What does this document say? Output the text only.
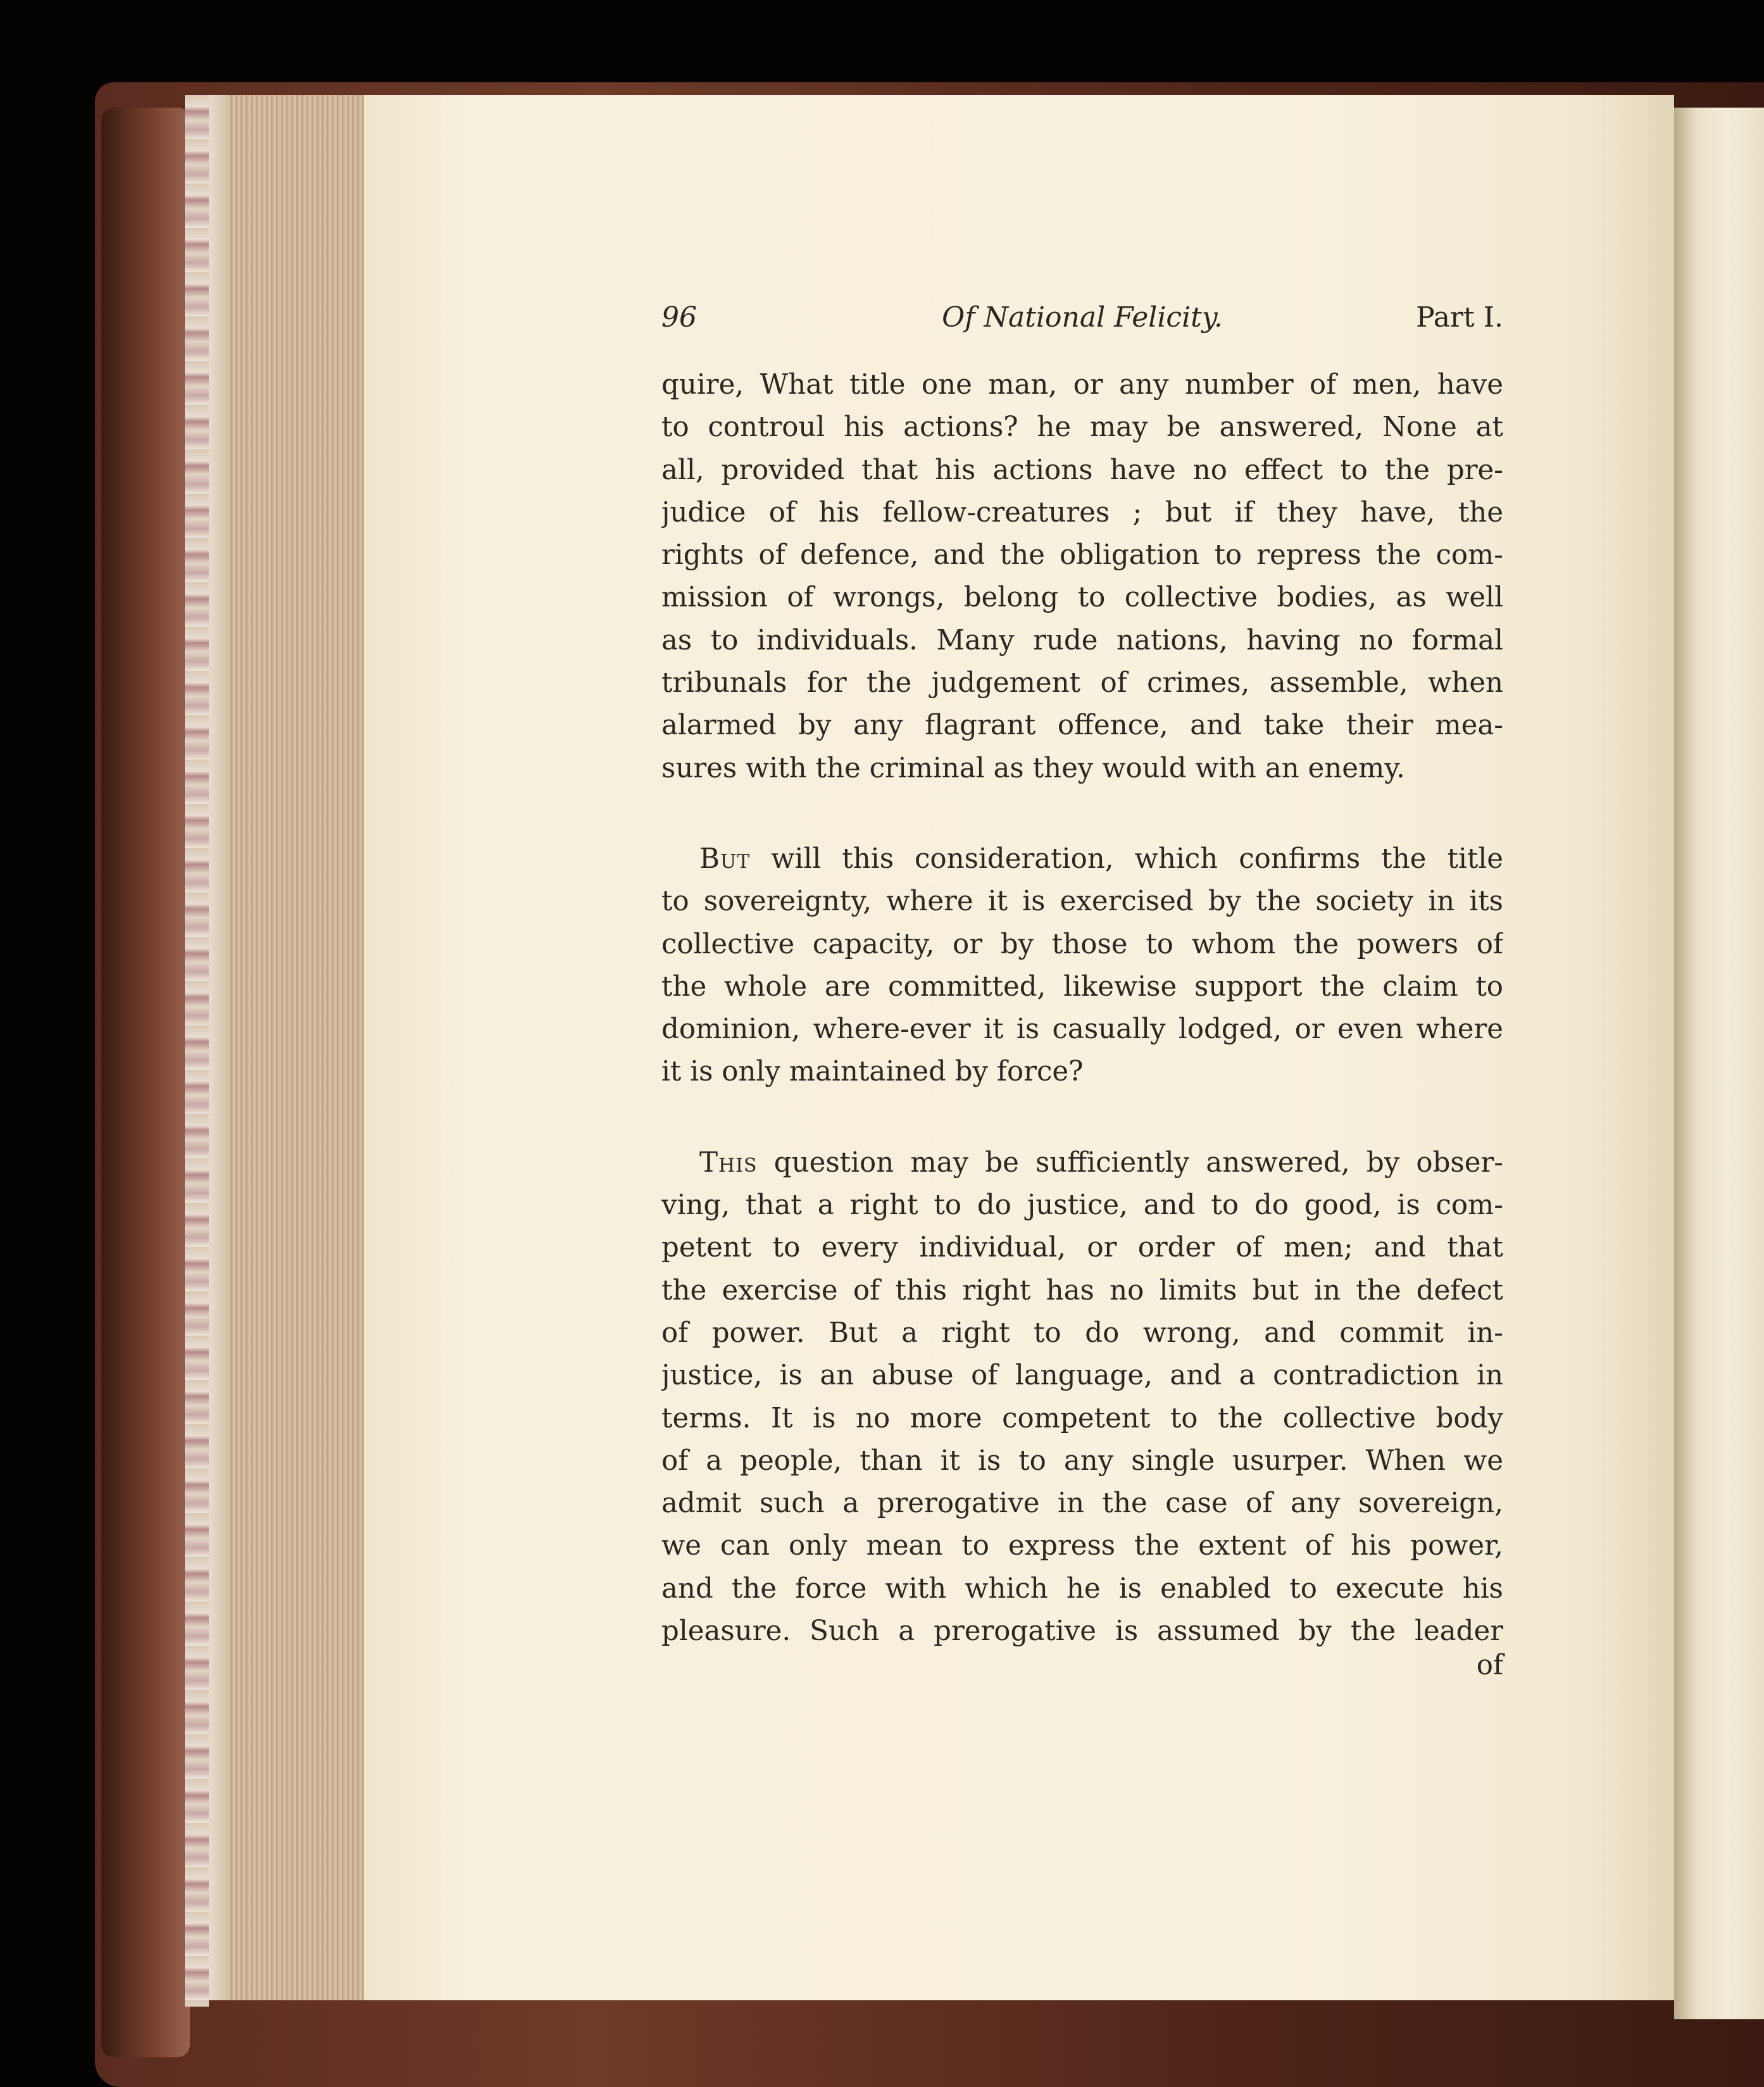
96	Of National Felicity.	Part I.
quire, What title one man, or any number of men, have
to controul his actions? he may be answered, None at
all, provided that his actions have no effect to the pre-
judice of his fellow-creatures ; but if they have, the
rights of defence, and the obligation to repress the com-
mission of wrongs, belong to collective bodies, as well
as to individuals. Many rude nations, having no formal
tribunals for the judgement of crimes, assemble, when
alarmed by any flagrant offence, and take their mea-
sures with the criminal as they would with an enemy.
But will this consideration, which confirms the title
to sovereignty, where it is exercised by the society in its
collective capacity, or by those to whom the powers of
the whole are committed, likewise support the claim to
dominion, where-ever it is casually lodged, or even where
it is only maintained by force?
This question may be sufficiently answered, by obser-
ving, that a right to do justice, and to do good, is com-
petent to every individual, or order of men; and that
the exercise of this right has no limits but in the defect
of power. But a right to do wrong, and commit in-
justice, is an abuse of language, and a contradiction in
terms. It is no more competent to the collective body
of a people, than it is to any single usurper. When we
admit such a prerogative in the case of any sovereign,
we can only mean to express the extent of his power,
and the force with which he is enabled to execute his
pleasure. Such a prerogative is assumed by the leader
of
